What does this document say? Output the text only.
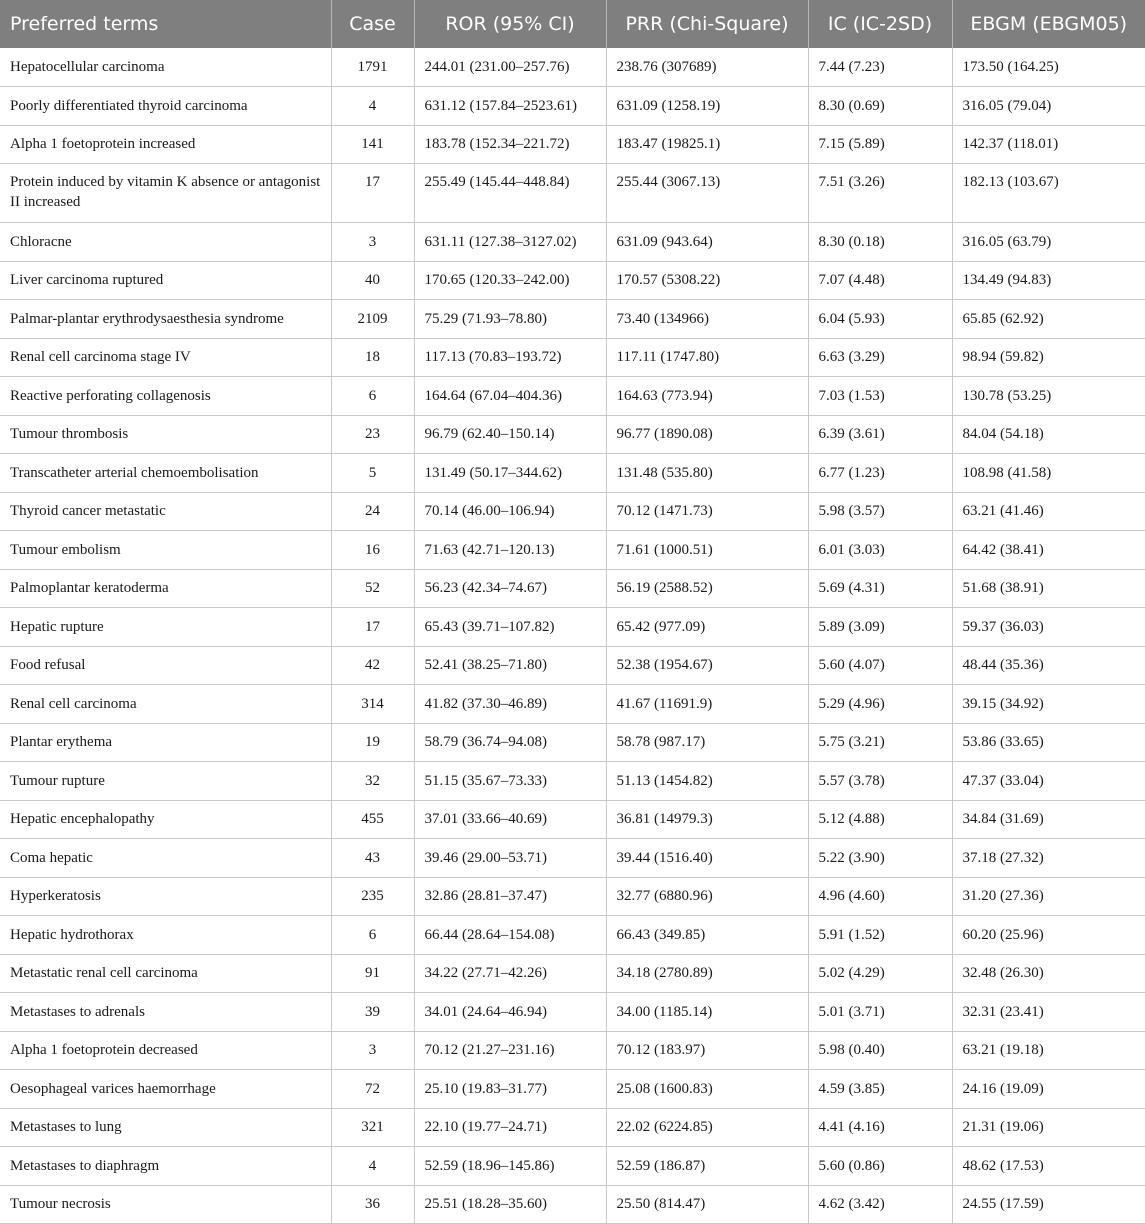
Preferred terms	Case	ROR (95% CI)	PRR (Chi-Square)	IC (IC-2SD)	EBGM (EBGM05)
Hepatocellular carcinoma	1791	244.01 (231.00–257.76)	238.76 (307689)	7.44 (7.23)	173.50 (164.25)
Poorly differentiated thyroid carcinoma	4	631.12 (157.84–2523.61)	631.09 (1258.19)	8.30 (0.69)	316.05 (79.04)
Alpha 1 foetoprotein increased	141	183.78 (152.34–221.72)	183.47 (19825.1)	7.15 (5.89)	142.37 (118.01)
Protein induced by vitamin K absence or antagonist II increased	17	255.49 (145.44–448.84)	255.44 (3067.13)	7.51 (3.26)	182.13 (103.67)
Chloracne	3	631.11 (127.38–3127.02)	631.09 (943.64)	8.30 (0.18)	316.05 (63.79)
Liver carcinoma ruptured	40	170.65 (120.33–242.00)	170.57 (5308.22)	7.07 (4.48)	134.49 (94.83)
Palmar-plantar erythrodysaesthesia syndrome	2109	75.29 (71.93–78.80)	73.40 (134966)	6.04 (5.93)	65.85 (62.92)
Renal cell carcinoma stage IV	18	117.13 (70.83–193.72)	117.11 (1747.80)	6.63 (3.29)	98.94 (59.82)
Reactive perforating collagenosis	6	164.64 (67.04–404.36)	164.63 (773.94)	7.03 (1.53)	130.78 (53.25)
Tumour thrombosis	23	96.79 (62.40–150.14)	96.77 (1890.08)	6.39 (3.61)	84.04 (54.18)
Transcatheter arterial chemoembolisation	5	131.49 (50.17–344.62)	131.48 (535.80)	6.77 (1.23)	108.98 (41.58)
Thyroid cancer metastatic	24	70.14 (46.00–106.94)	70.12 (1471.73)	5.98 (3.57)	63.21 (41.46)
Tumour embolism	16	71.63 (42.71–120.13)	71.61 (1000.51)	6.01 (3.03)	64.42 (38.41)
Palmoplantar keratoderma	52	56.23 (42.34–74.67)	56.19 (2588.52)	5.69 (4.31)	51.68 (38.91)
Hepatic rupture	17	65.43 (39.71–107.82)	65.42 (977.09)	5.89 (3.09)	59.37 (36.03)
Food refusal	42	52.41 (38.25–71.80)	52.38 (1954.67)	5.60 (4.07)	48.44 (35.36)
Renal cell carcinoma	314	41.82 (37.30–46.89)	41.67 (11691.9)	5.29 (4.96)	39.15 (34.92)
Plantar erythema	19	58.79 (36.74–94.08)	58.78 (987.17)	5.75 (3.21)	53.86 (33.65)
Tumour rupture	32	51.15 (35.67–73.33)	51.13 (1454.82)	5.57 (3.78)	47.37 (33.04)
Hepatic encephalopathy	455	37.01 (33.66–40.69)	36.81 (14979.3)	5.12 (4.88)	34.84 (31.69)
Coma hepatic	43	39.46 (29.00–53.71)	39.44 (1516.40)	5.22 (3.90)	37.18 (27.32)
Hyperkeratosis	235	32.86 (28.81–37.47)	32.77 (6880.96)	4.96 (4.60)	31.20 (27.36)
Hepatic hydrothorax	6	66.44 (28.64–154.08)	66.43 (349.85)	5.91 (1.52)	60.20 (25.96)
Metastatic renal cell carcinoma	91	34.22 (27.71–42.26)	34.18 (2780.89)	5.02 (4.29)	32.48 (26.30)
Metastases to adrenals	39	34.01 (24.64–46.94)	34.00 (1185.14)	5.01 (3.71)	32.31 (23.41)
Alpha 1 foetoprotein decreased	3	70.12 (21.27–231.16)	70.12 (183.97)	5.98 (0.40)	63.21 (19.18)
Oesophageal varices haemorrhage	72	25.10 (19.83–31.77)	25.08 (1600.83)	4.59 (3.85)	24.16 (19.09)
Metastases to lung	321	22.10 (19.77–24.71)	22.02 (6224.85)	4.41 (4.16)	21.31 (19.06)
Metastases to diaphragm	4	52.59 (18.96–145.86)	52.59 (186.87)	5.60 (0.86)	48.62 (17.53)
Tumour necrosis	36	25.51 (18.28–35.60)	25.50 (814.47)	4.62 (3.42)	24.55 (17.59)
